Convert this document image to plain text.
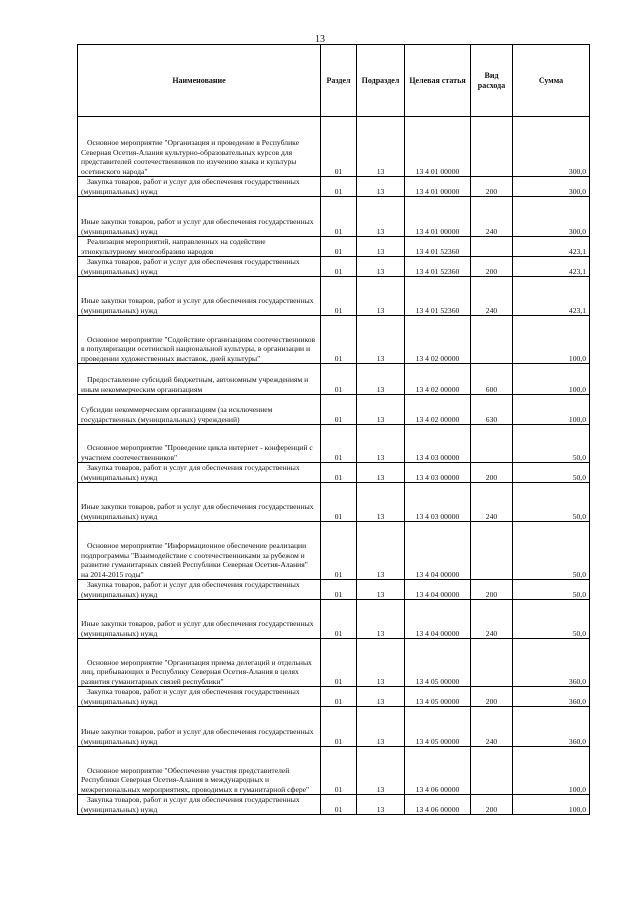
13
Наименование	Раздел	Подраздел	Целевая статья	Вид расхода	Сумма
Основное мероприятие "Организация и проведение в Республике Северная Осетия-Алания культурно-образовательных курсов для представителей соотечественников по изучению языка и культуры осетинского народа"	01	13	13 4 01 00000		300,0
Закупка товаров, работ и услуг для обеспечения государственных (муниципальных) нужд	01	13	13 4 01 00000	200	300,0
Иные закупки товаров, работ и услуг для обеспечения государственных (муниципальных) нужд	01	13	13 4 01 00000	240	300,0
Реализация мероприятий, направленных на содействие этнокультурному многообразию народов	01	13	13 4 01 52360		423,1
Закупка товаров, работ и услуг для обеспечения государственных (муниципальных) нужд	01	13	13 4 01 52360	200	423,1
Иные закупки товаров, работ и услуг для обеспечения государственных (муниципальных) нужд	01	13	13 4 01 52360	240	423,1
Основное мероприятие "Содействие организациям соотечественников в популяризации осетинской национальной культуры, в организации и проведении художественных выставок, дней культуры"	01	13	13 4 02 00000		100,0
Предоставление субсидий бюджетным, автономным учреждениям и иным некоммерческим организациям	01	13	13 4 02 00000	600	100,0
Субсидии некоммерческим организациям (за исключением государственных (муниципальных) учреждений)	01	13	13 4 02 00000	630	100,0
Основное мероприятие "Проведение цикла интернет - конференций с участием соотечественников"	01	13	13 4 03 00000		50,0
Закупка товаров, работ и услуг для обеспечения государственных (муниципальных) нужд	01	13	13 4 03 00000	200	50,0
Иные закупки товаров, работ и услуг для обеспечения государственных (муниципальных) нужд	01	13	13 4 03 00000	240	50,0
Основное мероприятие "Информационное обеспечение реализации подпрограммы "Взаимодействие с соотечественниками за рубежом и развитие гуманитарных связей Республики Северная Осетия-Алания" на 2014-2015 годы"	01	13	13 4 04 00000		50,0
Закупка товаров, работ и услуг для обеспечения государственных (муниципальных) нужд	01	13	13 4 04 00000	200	50,0
Иные закупки товаров, работ и услуг для обеспечения государственных (муниципальных) нужд	01	13	13 4 04 00000	240	50,0
Основное мероприятие "Организация приема делегаций и отдельных лиц, прибывающих в Республику Северная Осетия-Алания в целях развития гуманитарных связей республики"	01	13	13 4 05 00000		360,0
Закупка товаров, работ и услуг для обеспечения государственных (муниципальных) нужд	01	13	13 4 05 00000	200	360,0
Иные закупки товаров, работ и услуг для обеспечения государственных (муниципальных) нужд	01	13	13 4 05 00000	240	360,0
Основное мероприятие "Обеспечение участия представителей Республики Северная Осетия-Алания в международных и межрегиональных мероприятиях, проводимых в гуманитарной сфере"	01	13	13 4 06 00000		100,0
Закупка товаров, работ и услуг для обеспечения государственных (муниципальных) нужд	01	13	13 4 06 00000	200	100,0
